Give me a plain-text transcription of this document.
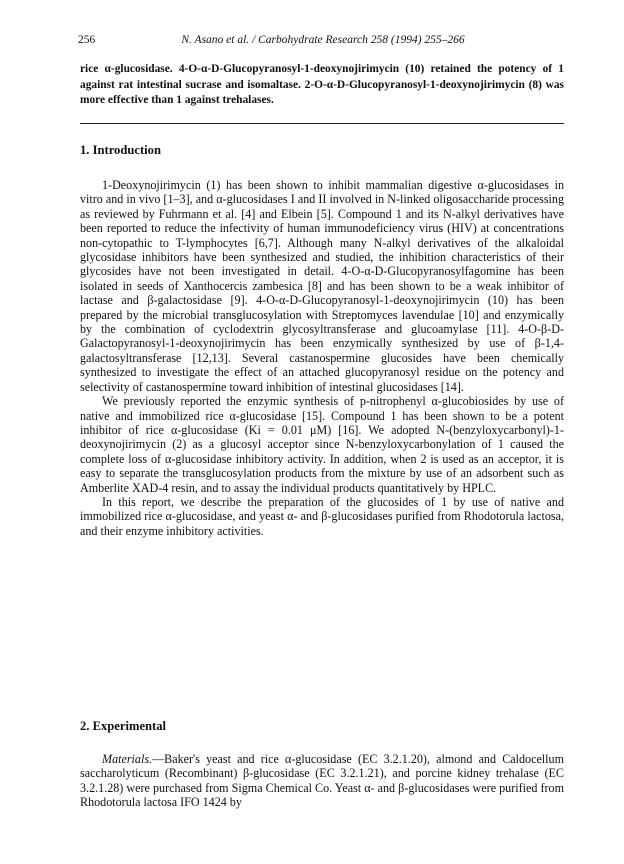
256	N. Asano et al. / Carbohydrate Research 258 (1994) 255–266

rice α-glucosidase. 4-O-α-D-Glucopyranosyl-1-deoxynojirimycin (10) retained the potency of 1 against rat intestinal sucrase and isomaltase. 2-O-α-D-Glucopyranosyl-1-deoxynojirimycin (8) was more effective than 1 against trehalases.

1. Introduction

1-Deoxynojirimycin (1) has been shown to inhibit mammalian digestive α-glucosidases in vitro and in vivo [1–3], and α-glucosidases I and II involved in N-linked oligosaccharide processing as reviewed by Fuhrmann et al. [4] and Elbein [5]. Compound 1 and its N-alkyl derivatives have been reported to reduce the infectivity of human immunodeficiency virus (HIV) at concentrations non-cytopathic to T-lymphocytes [6,7]. Although many N-alkyl derivatives of the alkaloidal glycosidase inhibitors have been synthesized and studied, the inhibition characteristics of their glycosides have not been investigated in detail. 4-O-α-D-Glucopyranosylfagomine has been isolated in seeds of Xanthocercis zambesica [8] and has been shown to be a weak inhibitor of lactase and β-galactosidase [9]. 4-O-α-D-Glucopyranosyl-1-deoxynojirimycin (10) has been prepared by the microbial transglucosylation with Streptomyces lavendulae [10] and enzymically by the combination of cyclodextrin glycosyltransferase and glucoamylase [11]. 4-O-β-D-Galactopyranosyl-1-deoxynojirimycin has been enzymically synthesized by use of β-1,4-galactosyltransferase [12,13]. Several castanospermine glucosides have been chemically synthesized to investigate the effect of an attached glucopyranosyl residue on the potency and selectivity of castanospermine toward inhibition of intestinal glucosidases [14].

We previously reported the enzymic synthesis of p-nitrophenyl α-glucobiosides by use of native and immobilized rice α-glucosidase [15]. Compound 1 has been shown to be a potent inhibitor of rice α-glucosidase (Ki = 0.01 μM) [16]. We adopted N-(benzyloxycarbonyl)-1-deoxynojirimycin (2) as a glucosyl acceptor since N-benzyloxycarbonylation of 1 caused the complete loss of α-glucosidase inhibitory activity. In addition, when 2 is used as an acceptor, it is easy to separate the transglucosylation products from the mixture by use of an adsorbent such as Amberlite XAD-4 resin, and to assay the individual products quantitatively by HPLC.

In this report, we describe the preparation of the glucosides of 1 by use of native and immobilized rice α-glucosidase, and yeast α- and β-glucosidases purified from Rhodotorula lactosa, and their enzyme inhibitory activities.

2. Experimental

Materials.—Baker's yeast and rice α-glucosidase (EC 3.2.1.20), almond and Caldocellum saccharolyticum (Recombinant) β-glucosidase (EC 3.2.1.21), and porcine kidney trehalase (EC 3.2.1.28) were purchased from Sigma Chemical Co. Yeast α- and β-glucosidases were purified from Rhodotorula lactosa IFO 1424 by
